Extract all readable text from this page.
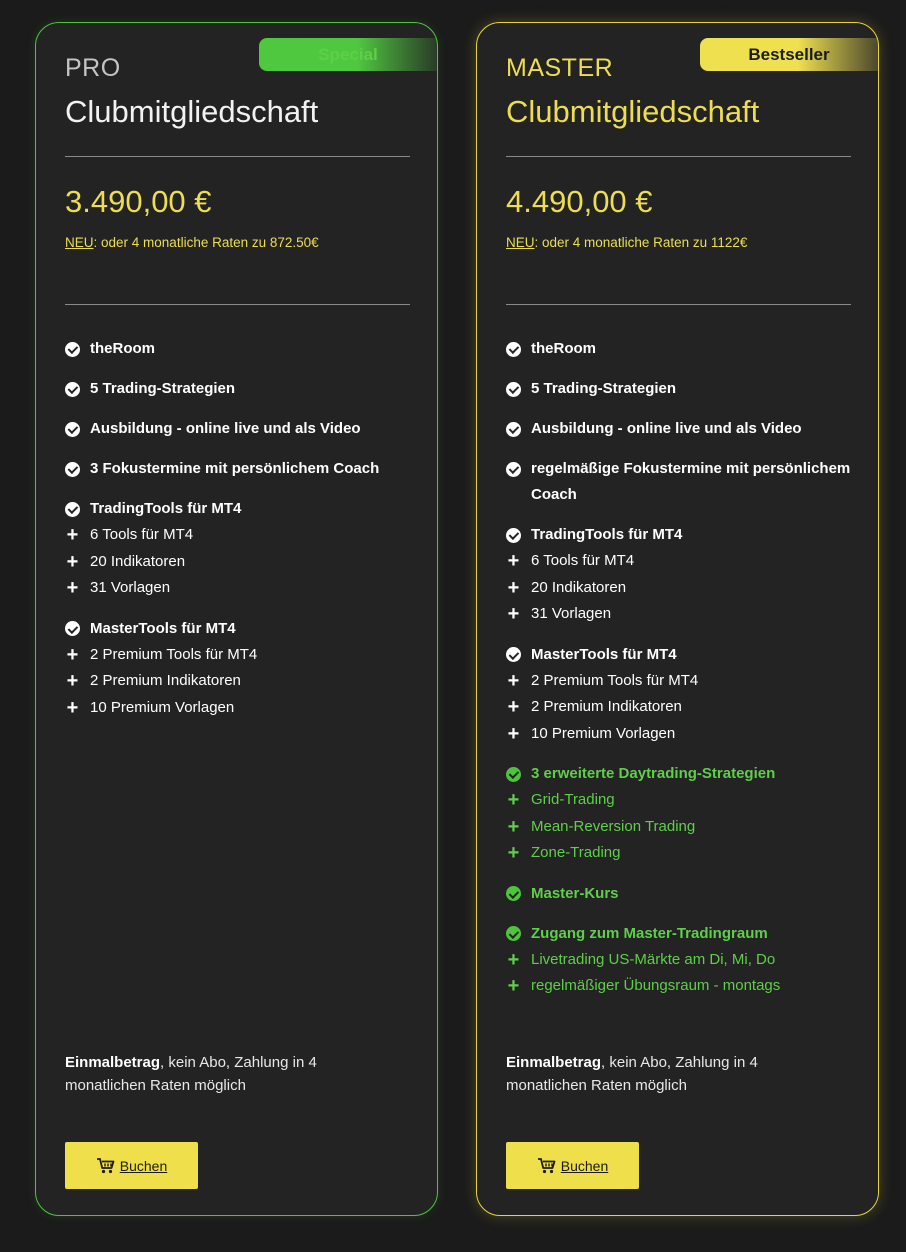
Special
PRO
Clubmitgliedschaft
3.490,00 €
NEU: oder 4 monatliche Raten zu 872.50€
theRoom
5 Trading-Strategien
Ausbildung - online live und als Video
3 Fokustermine mit persönlichem Coach
TradingTools für MT4
+ 6 Tools für MT4
+ 20 Indikatoren
+ 31 Vorlagen
MasterTools für MT4
+ 2 Premium Tools für MT4
+ 2 Premium Indikatoren
+ 10 Premium Vorlagen
Einmalbetrag, kein Abo, Zahlung in 4 monatlichen Raten möglich
Buchen
Bestseller
MASTER
Clubmitgliedschaft
4.490,00 €
NEU: oder 4 monatliche Raten zu 1122€
theRoom
5 Trading-Strategien
Ausbildung - online live und als Video
regelmäßige Fokustermine mit persönlichem Coach
TradingTools für MT4
+ 6 Tools für MT4
+ 20 Indikatoren
+ 31 Vorlagen
MasterTools für MT4
+ 2 Premium Tools für MT4
+ 2 Premium Indikatoren
+ 10 Premium Vorlagen
3 erweiterte Daytrading-Strategien
+ Grid-Trading
+ Mean-Reversion Trading
+ Zone-Trading
Master-Kurs
Zugang zum Master-Tradingraum
+ Livetrading US-Märkte am Di, Mi, Do
+ regelmäßiger Übungsraum - montags
Einmalbetrag, kein Abo, Zahlung in 4 monatlichen Raten möglich
Buchen
